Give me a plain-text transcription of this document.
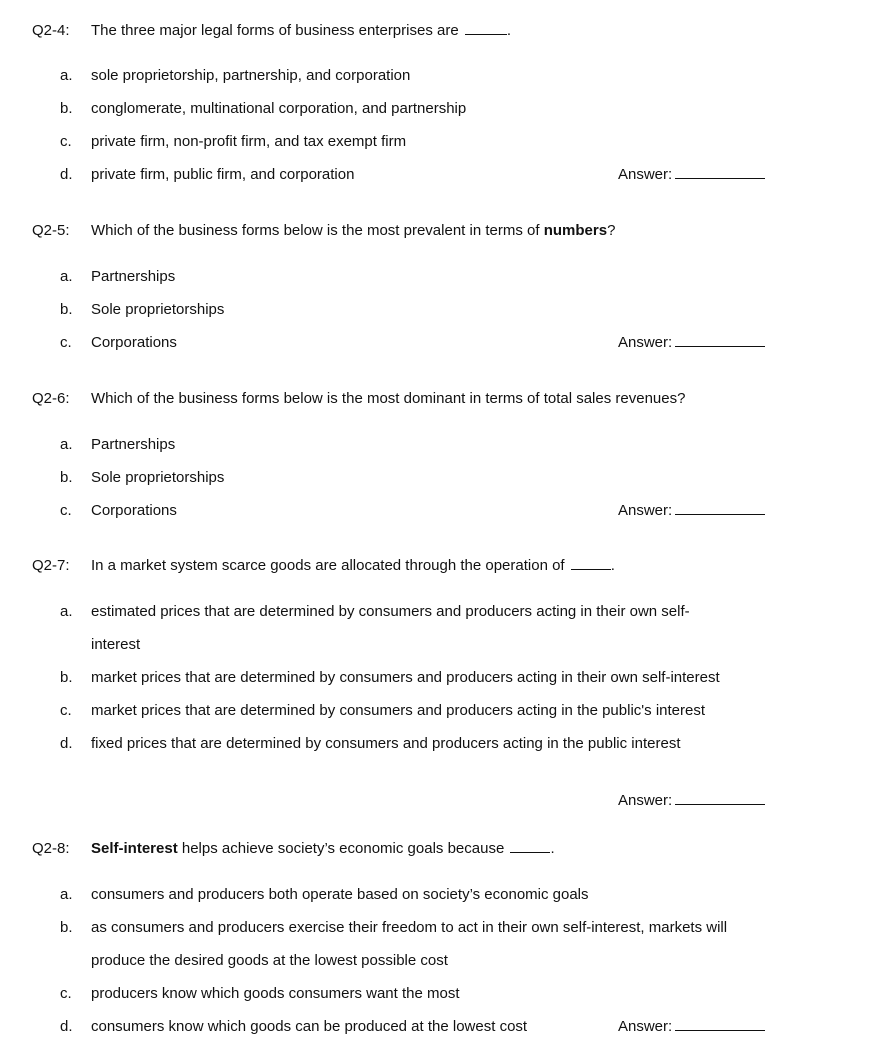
Q2-4:	The three major legal forms of business enterprises are	.
a.	sole proprietorship, partnership, and corporation
b.	conglomerate, multinational corporation, and partnership
c.	private firm, non-profit firm, and tax exempt firm
d.	private firm, public firm, and corporation	Answer:
Q2-5:	Which of the business forms below is the most prevalent in terms of numbers?
a.	Partnerships
b.	Sole proprietorships
c.	Corporations	Answer:
Q2-6:	Which of the business forms below is the most dominant in terms of total sales revenues?
a.	Partnerships
b.	Sole proprietorships
c.	Corporations	Answer:
Q2-7:	In a market system scarce goods are allocated through the operation of	.
a.	estimated prices that are determined by consumers and producers acting in their own self-
interest
b.	market prices that are determined by consumers and producers acting in their own self-interest
c.	market prices that are determined by consumers and producers acting in the public's interest
d.	fixed prices that are determined by consumers and producers acting in the public interest
Answer:
Q2-8:	Self-interest helps achieve society’s economic goals because	.
a.	consumers and producers both operate based on society’s economic goals
b.	as consumers and producers exercise their freedom to act in their own self-interest, markets will
produce the desired goods at the lowest possible cost
c.	producers know which goods consumers want the most
d.	consumers know which goods can be produced at the lowest cost	Answer:
